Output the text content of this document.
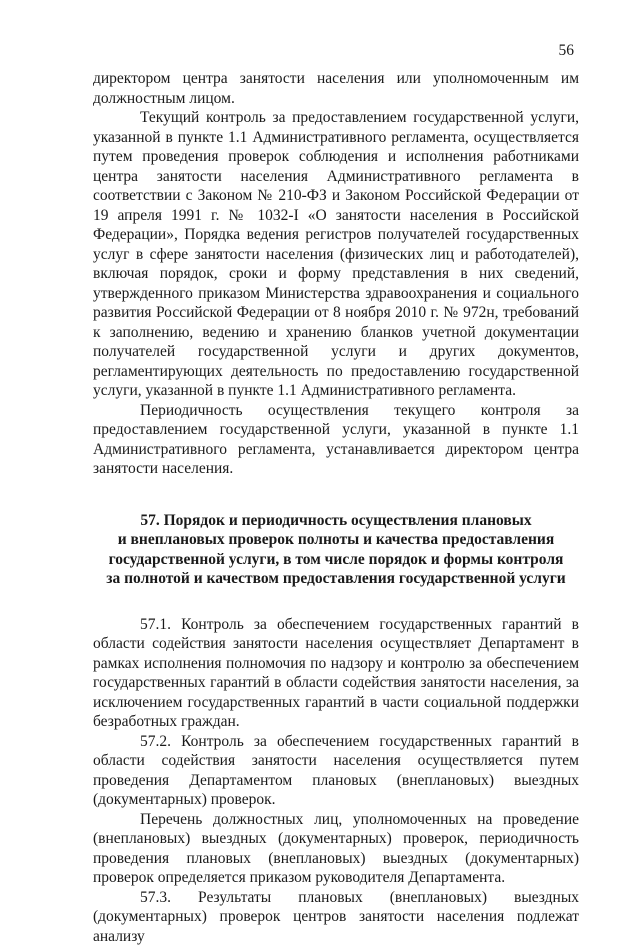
56

директором центра занятости населения или уполномоченным им должностным лицом.

Текущий контроль за предоставлением государственной услуги, указанной в пункте 1.1 Административного регламента, осуществляется путем проведения проверок соблюдения и исполнения работниками центра занятости населения Административного регламента в соответствии с Законом № 210-ФЗ и Законом Российской Федерации от 19 апреля 1991 г. № 1032-I «О занятости населения в Российской Федерации», Порядка ведения регистров получателей государственных услуг в сфере занятости населения (физических лиц и работодателей), включая порядок, сроки и форму представления в них сведений, утвержденного приказом Министерства здравоохранения и социального развития Российской Федерации от 8 ноября 2010 г. № 972н, требований к заполнению, ведению и хранению бланков учетной документации получателей государственной услуги и других документов, регламентирующих деятельность по предоставлению государственной услуги, указанной в пункте 1.1 Административного регламента.

Периодичность осуществления текущего контроля за предоставлением государственной услуги, указанной в пункте 1.1 Административного регламента, устанавливается директором центра занятости населения.

57. Порядок и периодичность осуществления плановых
и внеплановых проверок полноты и качества предоставления
государственной услуги, в том числе порядок и формы контроля
за полнотой и качеством предоставления государственной услуги

57.1. Контроль за обеспечением государственных гарантий в области содействия занятости населения осуществляет Департамент в рамках исполнения полномочия по надзору и контролю за обеспечением государственных гарантий в области содействия занятости населения, за исключением государственных гарантий в части социальной поддержки безработных граждан.

57.2. Контроль за обеспечением государственных гарантий в области содействия занятости населения осуществляется путем проведения Департаментом плановых (внеплановых) выездных (документарных) проверок.

Перечень должностных лиц, уполномоченных на проведение (внеплановых) выездных (документарных) проверок, периодичность проведения плановых (внеплановых) выездных (документарных) проверок определяется приказом руководителя Департамента.

57.3. Результаты плановых (внеплановых) выездных (документарных) проверок центров занятости населения подлежат анализу
